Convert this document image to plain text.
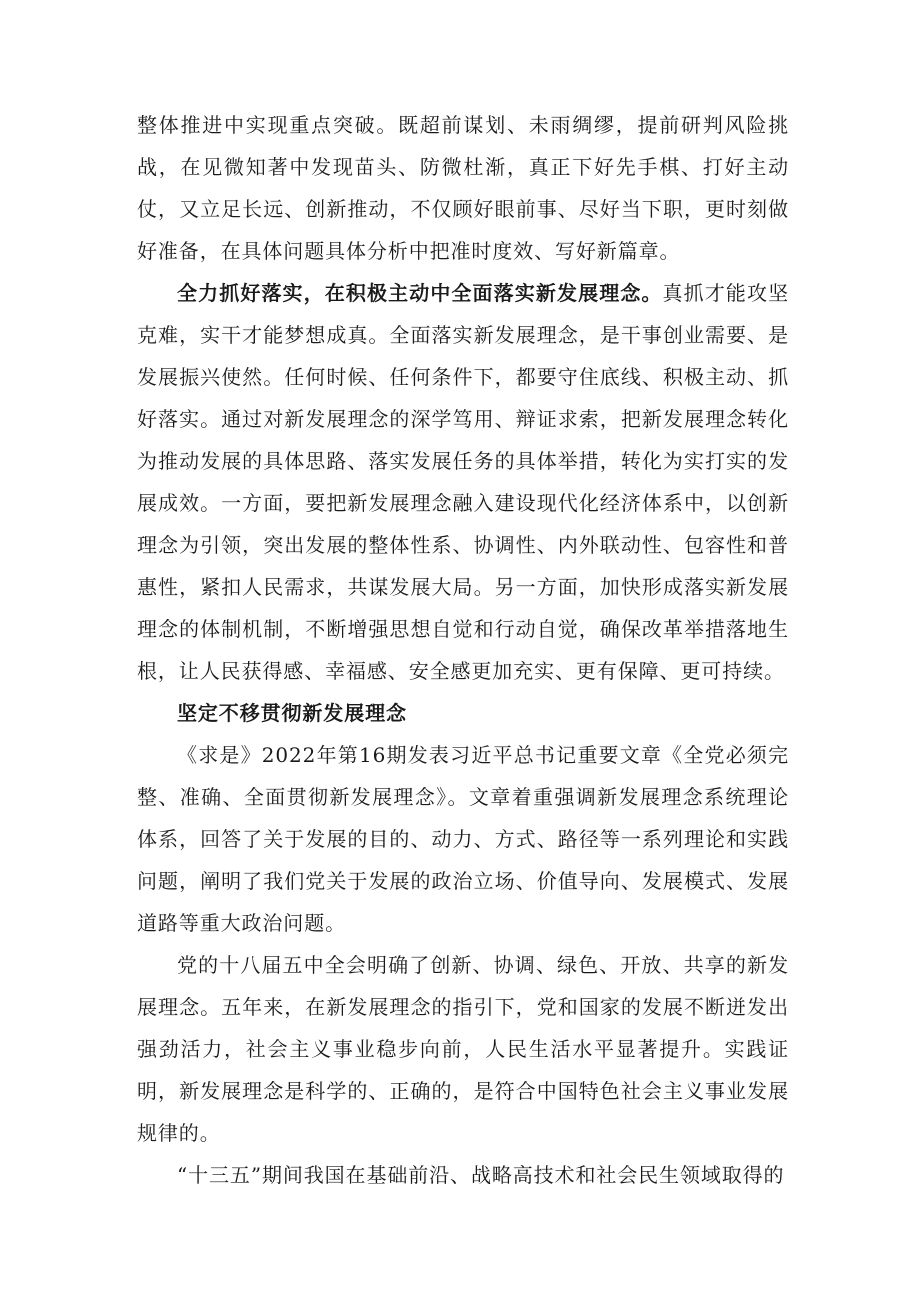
整体推进中实现重点突破。既超前谋划、未雨绸缪，提前研判风险挑战，在见微知著中发现苗头、防微杜渐，真正下好先手棋、打好主动仗，又立足长远、创新推动，不仅顾好眼前事、尽好当下职，更时刻做好准备，在具体问题具体分析中把准时度效、写好新篇章。

全力抓好落实，在积极主动中全面落实新发展理念。真抓才能攻坚克难，实干才能梦想成真。全面落实新发展理念，是干事创业需要、是发展振兴使然。任何时候、任何条件下，都要守住底线、积极主动、抓好落实。通过对新发展理念的深学笃用、辩证求索，把新发展理念转化为推动发展的具体思路、落实发展任务的具体举措，转化为实打实的发展成效。一方面，要把新发展理念融入建设现代化经济体系中，以创新理念为引领，突出发展的整体性系、协调性、内外联动性、包容性和普惠性，紧扣人民需求，共谋发展大局。另一方面，加快形成落实新发展理念的体制机制，不断增强思想自觉和行动自觉，确保改革举措落地生根，让人民获得感、幸福感、安全感更加充实、更有保障、更可持续。

坚定不移贯彻新发展理念

《求是》2022年第16期发表习近平总书记重要文章《全党必须完整、准确、全面贯彻新发展理念》。文章着重强调新发展理念系统理论体系，回答了关于发展的目的、动力、方式、路径等一系列理论和实践问题，阐明了我们党关于发展的政治立场、价值导向、发展模式、发展道路等重大政治问题。

党的十八届五中全会明确了创新、协调、绿色、开放、共享的新发展理念。五年来，在新发展理念的指引下，党和国家的发展不断迸发出强劲活力，社会主义事业稳步向前，人民生活水平显著提升。实践证明，新发展理念是科学的、正确的，是符合中国特色社会主义事业发展规律的。

“十三五”期间我国在基础前沿、战略高技术和社会民生领域取得的
